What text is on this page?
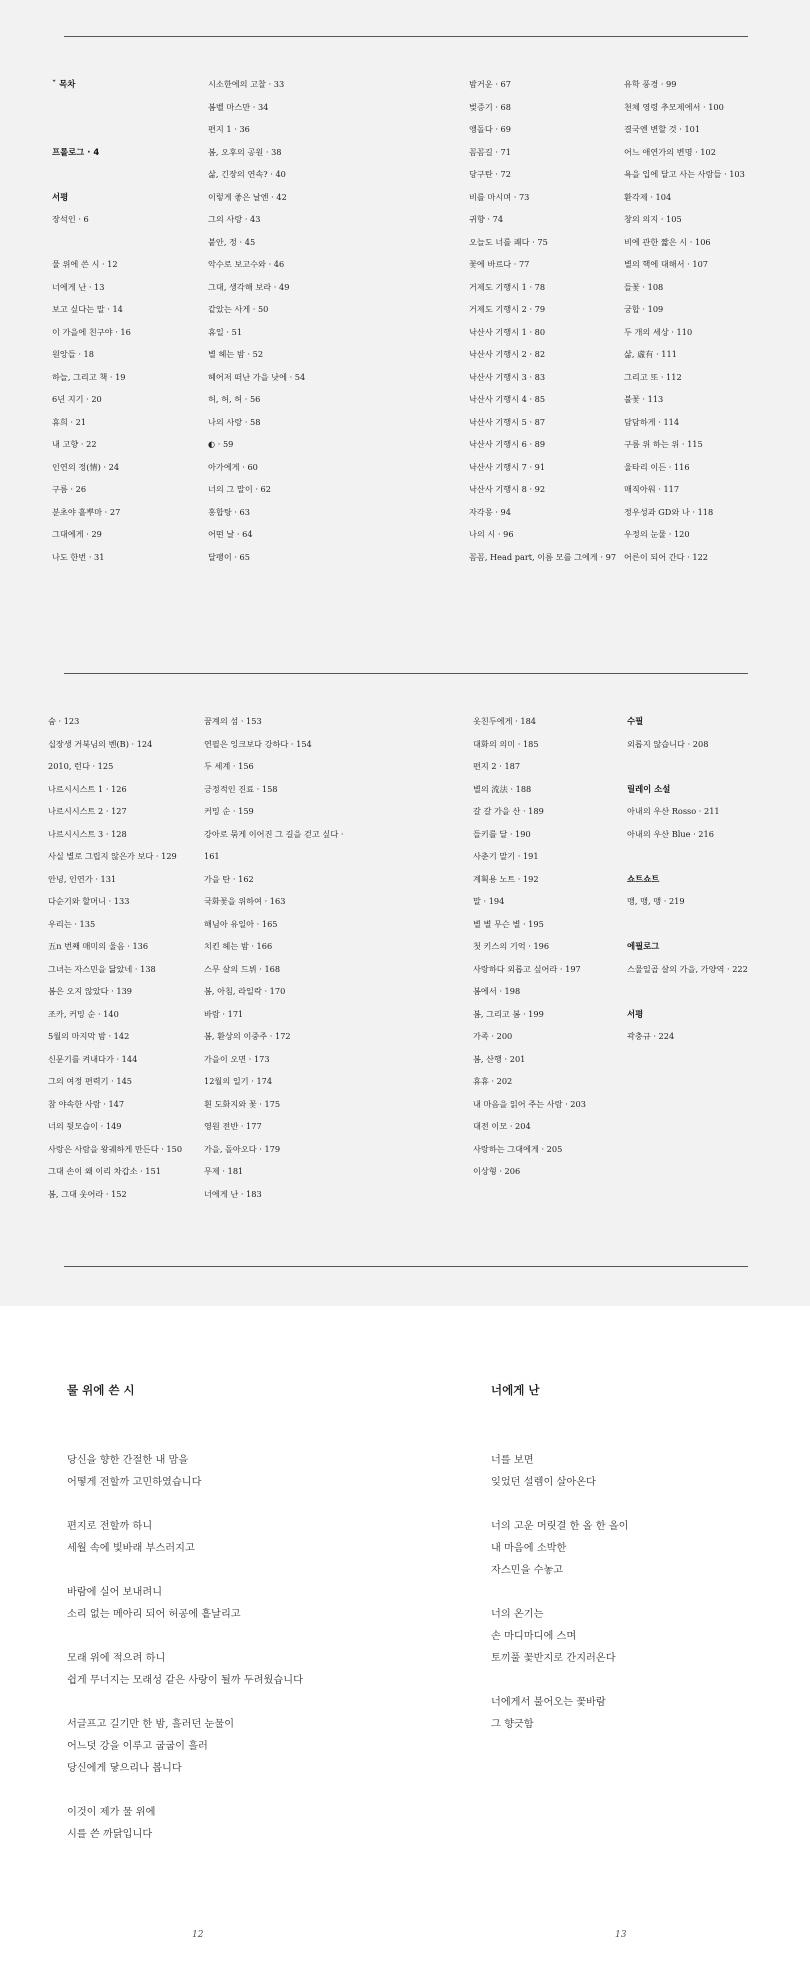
ˇ 목차
프롤로그 · 4
서평
장석인 · 6
물 위에 쓴 시 · 12
너에게 난 · 13
보고 싶다는 말 · 14
이 가을에 친구야 · 16
원앙들 · 18
하늘, 그리고 책 · 19
6년 지기 · 20
휴희 · 21
내 고향 · 22
인연의 정(情) · 24
구름 · 26
분초야 흩뿌마 · 27
그대에게 · 29
나도 한번 · 31
시소한에의 고찰 · 33
봄벨 마스만 · 34
편지 1 · 36
봄, 오후의 공원 · 38
삶, 긴장의 연속? · 40
이렇게 좋은 날엔 · 42
그의 사랑 · 43
붙안, 정 · 45
악수로 보고수와 · 46
그대, 생각해 보라 · 49
같았는 사게 · 50
휴일 · 51
별 헤는 밤 · 52
헤어저 떠난 가을 낫에 · 54
허, 허, 허 · 56
나의 사랑 · 58
◐ · 59
아가에게 · 60
너의 그 말이 · 62
홍합탕 · 63
어떤 날 · 64
달팽이 · 65
밤거운 · 67
벚증기 · 68
앵돌다 · 69
꼼꼼길 · 71
당구탄 · 72
비를 마시며 · 73
귀향 · 74
오늘도 너를 쾌다 · 75
꽃에 바르다 · 77
거제도 기행시 1 · 78
거제도 기행시 2 · 79
낙산사 기행시 1 · 80
낙산사 기행시 2 · 82
낙산사 기행시 3 · 83
낙산사 기행시 4 · 85
낙산사 기행시 5 · 87
낙산사 기행시 6 · 89
낙산사 기행시 7 · 91
낙산사 기행시 8 · 92
자각몽 · 94
나의 시 · 96
꼼꼼, Head part, 이름 모를 그에게 · 97
유학 풍경 · 99
천체 영령 추모제에서 · 100
결국엔 변할 것 · 101
어느 애연가의 변명 · 102
욕을 입에 달고 사는 사람들 · 103
환각제 · 104
창의 의지 · 105
비에 관한 짧은 시 · 106
별의 핵에 대해서 · 107
들꽃 · 108
궁합 · 109
두 개의 세상 · 110
삶, 虛有 · 111
그리고 또 · 112
불꽃 · 113
담담하게 · 114
구름 위 하는 위 · 115
울타리 이든 · 116
매직아워 · 117
정우성과 GD와 나 · 118
우정의 눈물 · 120
어른이 되어 간다 · 122
숨 · 123
십장생 거북님의 벤(B) · 124
2010, 런다 · 125
나르시시스트 1 · 126
나르시시스트 2 · 127
나르시시스트 3 · 128
사실 별로 그립지 않은가 보다 · 129
안녕, 인연가 · 131
다순기와 할머니 · 133
우리는 · 135
五n 번째 매미의 울음 · 136
그녀는 자스민을 닮았네 · 138
봄은 오지 않았다 · 139
조카, 커밍 순 · 140
5월의 마지막 밤 · 142
신문기를 켜내다가 · 144
그의 여정 편력기 · 145
참 야속한 사람 · 147
너의 뒷모습이 · 149
사랑은 사람을 왕궤하게 만든다 · 150
그대 손이 왜 이리 차갑소 · 151
봄, 그대 웃어라 · 152
꿈계의 섬 · 153
연필은 잉크보다 강하다 · 154
두 세계 · 156
긍정적인 진료 · 158
커밍 순 · 159
강아로 묶게 이어진 그 길을 걷고 싶다 ·
161
가을 탄 · 162
국화꽃을 위하여 · 163
해님아 유일아 · 165
치킨 헤는 밤 · 166
스무 살의 드뷔 · 168
봄, 아침, 라일락 · 170
바람 · 171
봄, 환상의 이중주 · 172
가을이 오면 · 173
12월의 일기 · 174
흰 도화지와 꽃 · 175
영원 전반 · 177
가을, 돌아오다 · 179
무제 · 181
너에게 난 · 183
옷친두에게 · 184
대화의 의미 · 185
편지 2 · 187
별의 流法 · 188
갈 갈 가을 산 · 189
들키를 달 · 190
사춘기 말기 · 191
계획용 노트 · 192
말 · 194
별 별 무슨 별 · 195
첫 키스의 기억 · 196
사랑하다 외롭고 싶어라 · 197
봄에서 · 198
봄, 그리고 봄 · 199
가족 · 200
봄, 산행 · 201
휴휴 · 202
내 마음을 읽어 주는 사람 · 203
대전 이모 · 204
사랑하는 그대에게 · 205
이상형 · 206
수필
외롭지 않습니다 · 208
릴레이 소설
아내의 우산 Rosso · 211
아내의 우산 Blue · 216
쇼트쇼트
맹, 맹, 맹 · 219
에필로그
스물일곱 살의 가을, 가양역 · 222
서평
곽충규 · 224
물 위에 쓴 시
당신을 향한 간절한 내 맘을
어떻게 전할까 고민하였습니다
편지로 전할까 하니
세월 속에 빛바래 부스러지고
바람에 실어 보내려니
소리 없는 메아리 되어 허공에 흩날리고
모래 위에 적으려 하니
쉽게 무너지는 모래성 같은 사랑이 될까 두려웠습니다
서글프고 길기만 한 밤, 흘러던 눈물이
어느덧 강을 이루고 굽굽이 흘러
당신에게 닿으리나 봅니다
이것이 제가 물 위에
시를 쓴 까닭입니다
12
너에게 난
너를 보면
잊었던 설렘이 살아온다
너의 고운 머릿결 한 올 한 올이
내 마음에 소박한
자스민을 수놓고
너의 온기는
손 마디마디에 스며
토끼풀 꽃반지로 간지러온다
너에게서 불어오는 꽃바람
그 향긋함
13
